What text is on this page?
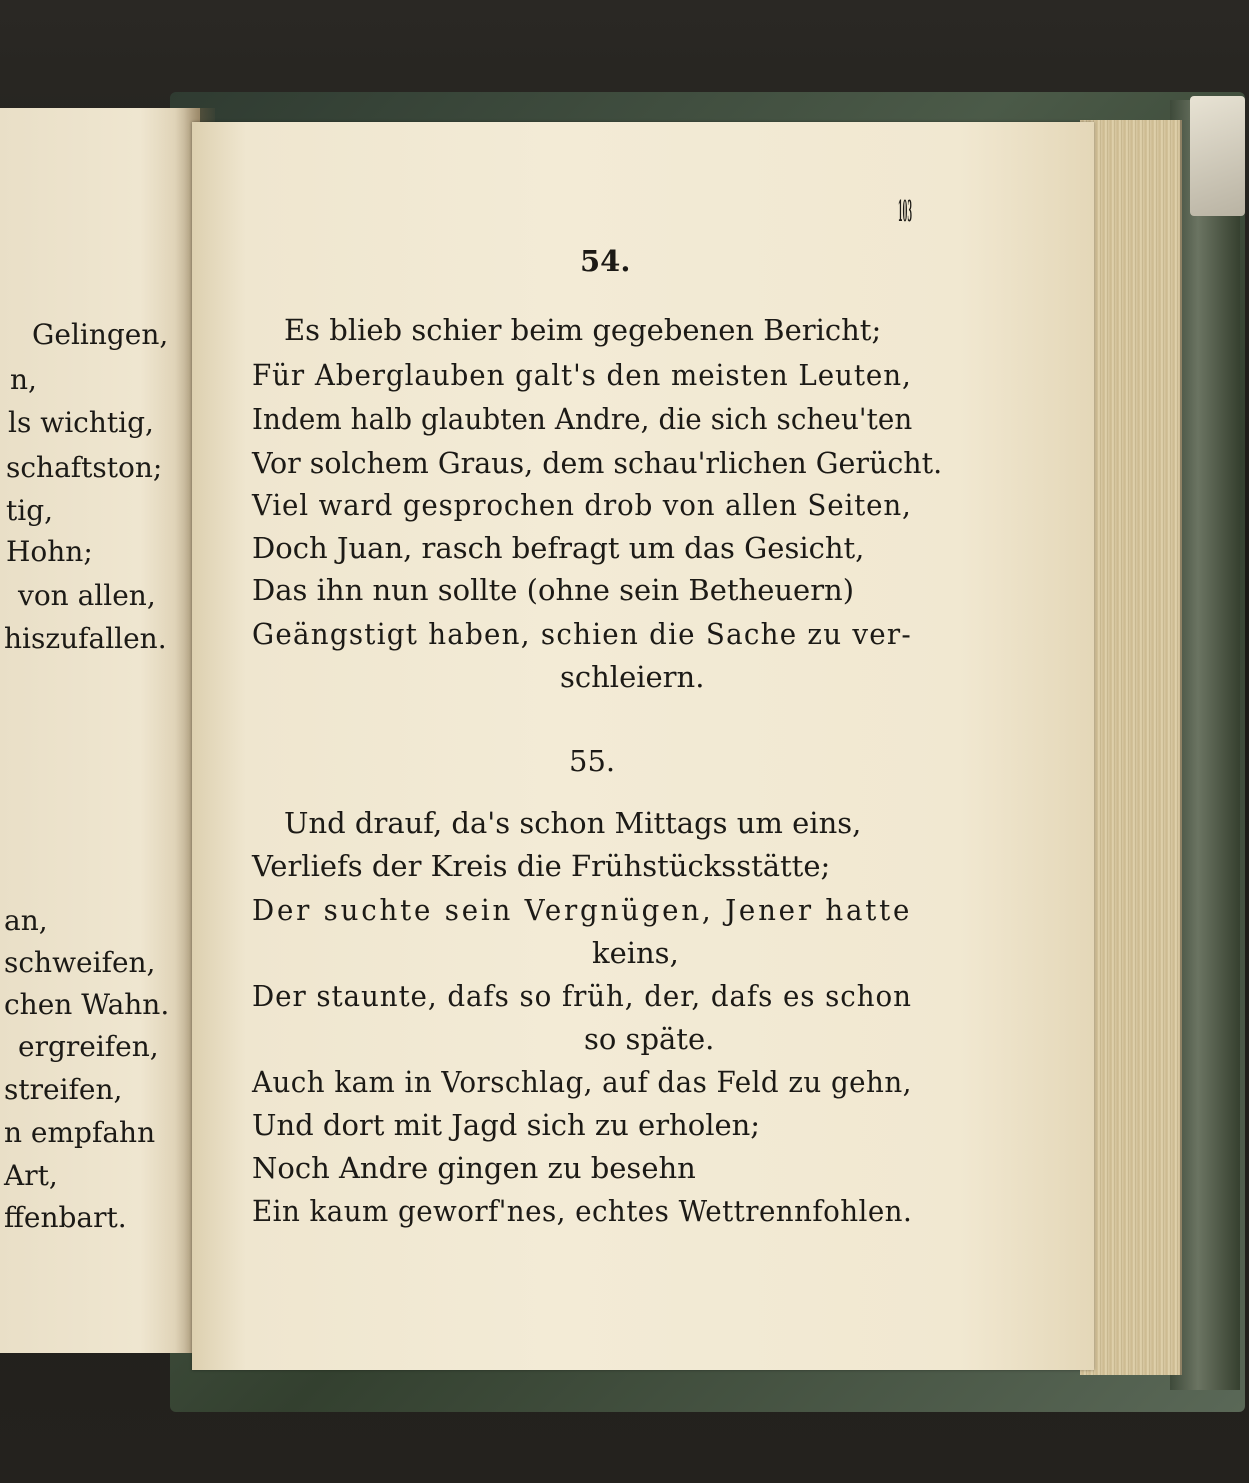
Gelingen,
n,
ls wichtig,
schaftston;
tig,
Hohn;
von allen,
hiszufallen.
an,
schweifen,
chen Wahn.
ergreifen,
streifen,
n empfahn
Art,
ffenbart.
103
54.
Es blieb schier beim gegebenen Bericht;
Für Aberglauben galt's den meisten Leuten,
Indem halb glaubten Andre, die sich scheu'ten
Vor solchem Graus, dem schau'rlichen Gerücht.
Viel ward gesprochen drob von allen Seiten,
Doch Juan, rasch befragt um das Gesicht,
Das ihn nun sollte (ohne sein Betheuern)
Geängstigt haben, schien die Sache zu ver-
schleiern.
55.
Und drauf, da's schon Mittags um eins,
Verliefs der Kreis die Frühstücksstätte;
Der suchte sein Vergnügen, Jener hatte
keins,
Der staunte, dafs so früh, der, dafs es schon
so späte.
Auch kam in Vorschlag, auf das Feld zu gehn,
Und dort mit Jagd sich zu erholen;
Noch Andre gingen zu besehn
Ein kaum geworf'nes, echtes Wettrennfohlen.
